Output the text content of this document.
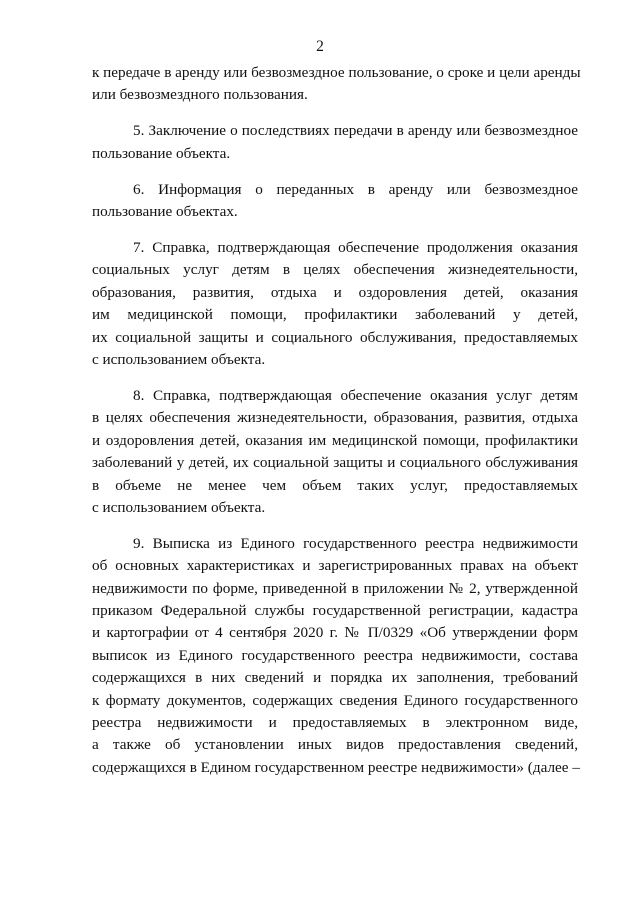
2
к передаче в аренду или безвозмездное пользование, о сроке и цели аренды
или безвозмездного пользования.
5. Заключение о последствиях передачи в аренду или безвозмездное
пользование объекта.
6. Информация о переданных в аренду или безвозмездное
пользование объектах.
7. Справка, подтверждающая обеспечение продолжения оказания
социальных услуг детям в целях обеспечения жизнедеятельности,
образования, развития, отдыха и оздоровления детей, оказания
им медицинской помощи, профилактики заболеваний у детей,
их социальной защиты и социального обслуживания, предоставляемых
с использованием объекта.
8. Справка, подтверждающая обеспечение оказания услуг детям
в целях обеспечения жизнедеятельности, образования, развития, отдыха
и оздоровления детей, оказания им медицинской помощи, профилактики
заболеваний у детей, их социальной защиты и социального обслуживания
в объеме не менее чем объем таких услуг, предоставляемых
с использованием объекта.
9. Выписка из Единого государственного реестра недвижимости
об основных характеристиках и зарегистрированных правах на объект
недвижимости по форме, приведенной в приложении № 2, утвержденной
приказом Федеральной службы государственной регистрации, кадастра
и картографии от 4 сентября 2020 г. № П/0329 «Об утверждении форм
выписок из Единого государственного реестра недвижимости, состава
содержащихся в них сведений и порядка их заполнения, требований
к формату документов, содержащих сведения Единого государственного
реестра недвижимости и предоставляемых в электронном виде,
а также об установлении иных видов предоставления сведений,
содержащихся в Едином государственном реестре недвижимости» (далее –
